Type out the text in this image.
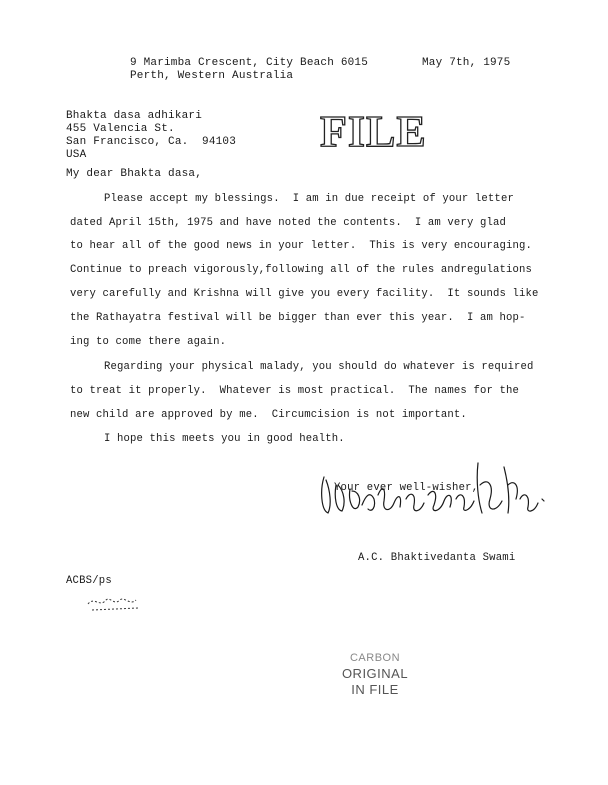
9 Marimba Crescent, City Beach 6015
Perth, Western Australia
May 7th, 1975
Bhakta dasa adhikari
455 Valencia St.
San Francisco, Ca.  94103
USA	FILE
My dear Bhakta dasa,
Please accept my blessings.  I am in due receipt of your letter
dated April 15th, 1975 and have noted the contents.  I am very glad
to hear all of the good news in your letter.  This is very encouraging.
Continue to preach vigorously,following all of the rules andregulations
very carefully and Krishna will give you every facility.  It sounds like
the Rathayatra festival will be bigger than ever this year.  I am hop-
ing to come there again.
Regarding your physical malady, you should do whatever is required
to treat it properly.  Whatever is most practical.  The names for the
new child are approved by me.  Circumcision is not important.
I hope this meets you in good health.
Your ever well-wisher,
A.C. Bhaktivedanta Swami
ACBS/ps
CARBON
ORIGINAL
IN FILE
